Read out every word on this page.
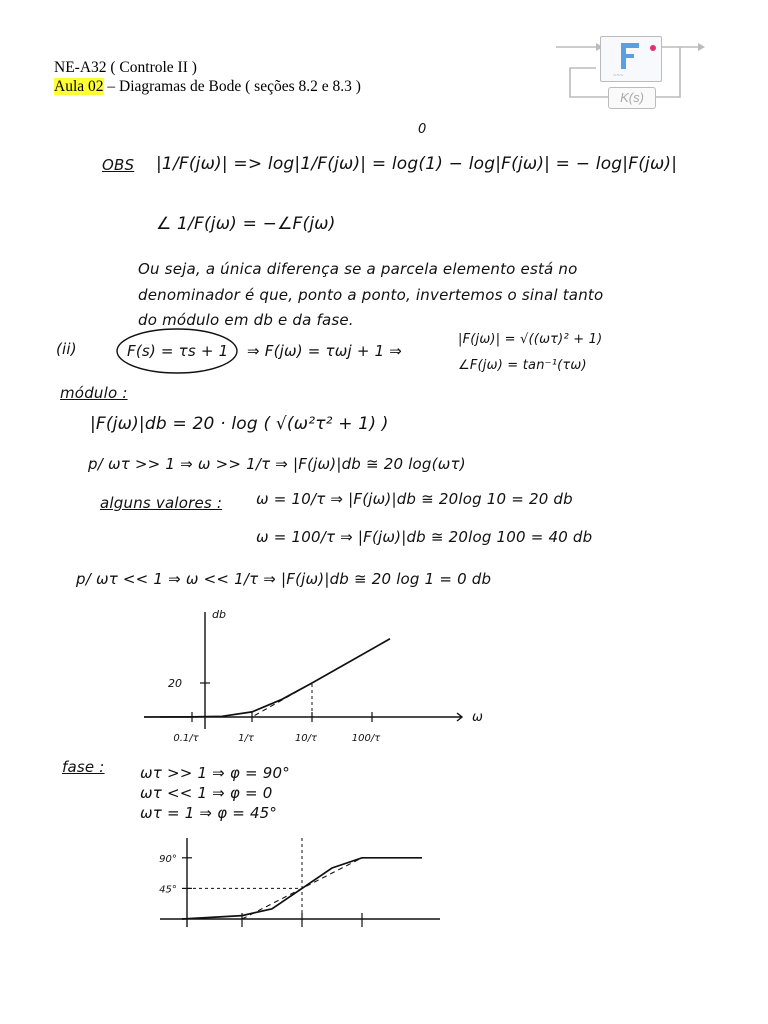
NE-A32 ( Controle II )
Aula 02 – Diagramas de Bode ( seções 8.2 e 8.3 )
~~~
K(s)
OBS |1/F(jω)| => log|1/F(jω)| = log(1) − log|F(jω)| = − log|F(jω)|
0
∠ 1/F(jω) = −∠F(jω)
Ou seja, a única diferença se a parcela elemento está no
denominador é que, ponto a ponto, invertemos o sinal tanto
do módulo em db e da fase.
(ii)	F(s) = τs + 1 ⇒ F(jω) = τωj + 1 ⇒
|F(jω)| = √((ωτ)² + 1)
∠F(jω) = tan⁻¹(τω)
módulo :
|F(jω)|db = 20 · log ( √(ω²τ² + 1) )
p/ ωτ >> 1 ⇒ ω >> 1/τ ⇒ |F(jω)|db ≅ 20 log(ωτ)
alguns valores : ω = 10/τ ⇒ |F(jω)|db ≅ 20log 10 = 20 db
ω = 100/τ ⇒ |F(jω)|db ≅ 20log 100 = 40 db
p/ ωτ << 1 ⇒ ω << 1/τ ⇒ |F(jω)|db ≅ 20 log 1 = 0 db
db
ω
20
0.1/τ	1/τ	10/τ	100/τ
fase : ωτ >> 1 ⇒ φ = 90°
ωτ << 1 ⇒ φ = 0
ωτ = 1 ⇒ φ = 45°
90°
45°
